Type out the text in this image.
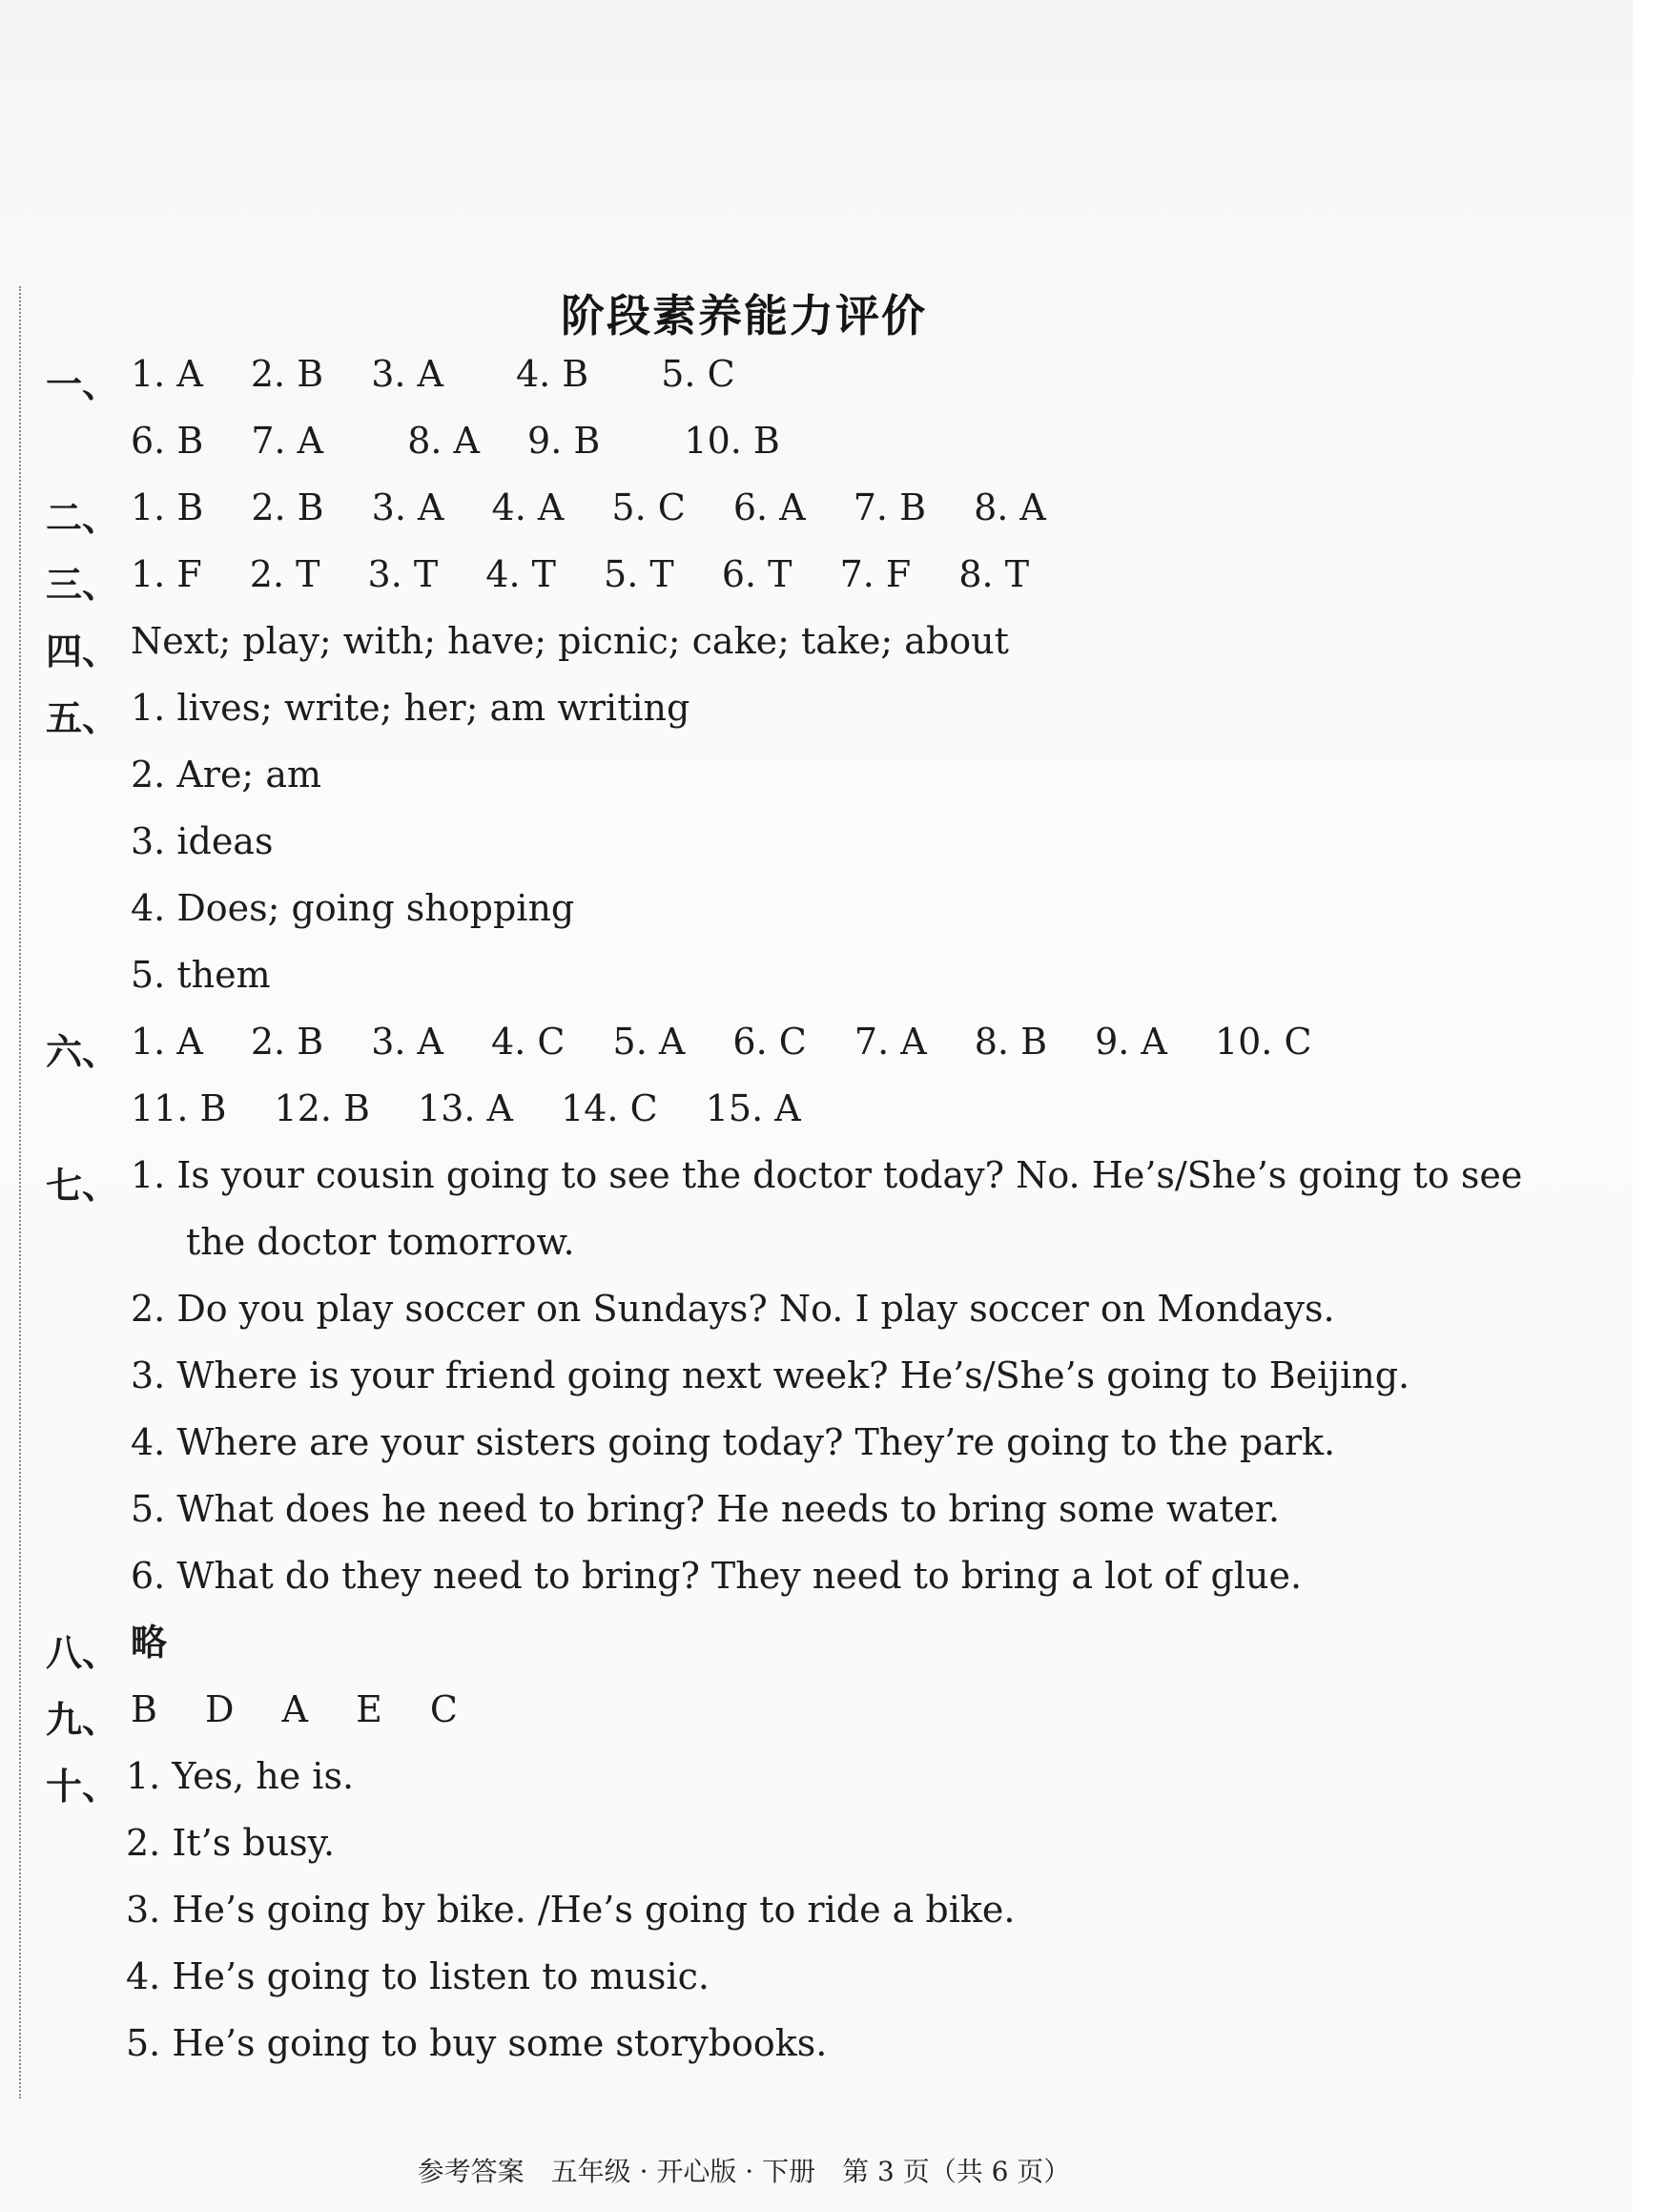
阶段素养能力评价
一、 1. A　 2. B　 3. A　　4. B　　5. C
6. B　 7. A　 　8. A　 9. B　 　10. B
二、 1. B　 2. B　 3. A　 4. A　 5. C　 6. A　 7. B　 8. A
三、 1. F　 2. T　 3. T　 4. T　 5. T　 6. T　 7. F　 8. T
四、 Next; play; with; have; picnic; cake; take; about
五、 1. lives; write; her; am writing
2. Are; am
3. ideas
4. Does; going shopping
5. them
六、 1. A　 2. B　 3. A　 4. C　 5. A　 6. C　 7. A　 8. B　 9. A　 10. C
11. B　 12. B　 13. A　 14. C　 15. A
七、 1. Is your cousin going to see the doctor today? No. He’s/She’s going to see
the doctor tomorrow.
2. Do you play soccer on Sundays? No. I play soccer on Mondays.
3. Where is your friend going next week? He’s/She’s going to Beijing.
4. Where are your sisters going today? They’re going to the park.
5. What does he need to bring? He needs to bring some water.
6. What do they need to bring? They need to bring a lot of glue.
八、 略
九、 B　 D　 A　 E　 C
十、 1. Yes, he is.
2. It’s busy.
3. He’s going by bike. /He’s going to ride a bike.
4. He’s going to listen to music.
5. He’s going to buy some storybooks.
参考答案　五年级 · 开心版 · 下册　第 3 页（共 6 页）
